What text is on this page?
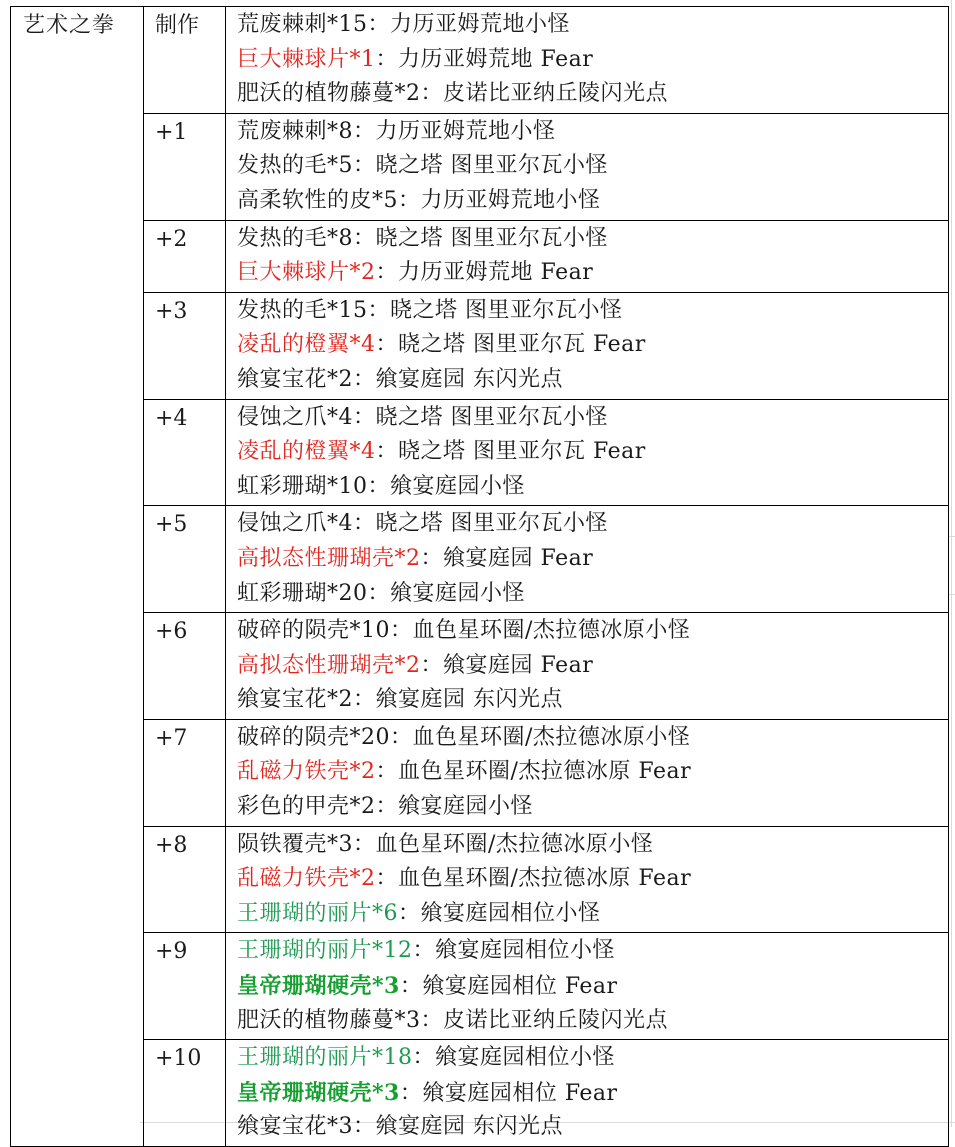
艺术之拳	制作	荒废棘刺*15：力历亚姆荒地小怪
巨大棘球片*1：力历亚姆荒地 Fear
肥沃的植物藤蔓*2：皮诺比亚纳丘陵闪光点

	+1	荒废棘刺*8：力历亚姆荒地小怪
发热的毛*5：晓之塔 图里亚尔瓦小怪
高柔软性的皮*5：力历亚姆荒地小怪

	+2	发热的毛*8：晓之塔 图里亚尔瓦小怪
巨大棘球片*2：力历亚姆荒地 Fear

	+3	发热的毛*15：晓之塔 图里亚尔瓦小怪
凌乱的橙翼*4：晓之塔 图里亚尔瓦 Fear
飨宴宝花*2：飨宴庭园 东闪光点

	+4	侵蚀之爪*4：晓之塔 图里亚尔瓦小怪
凌乱的橙翼*4：晓之塔 图里亚尔瓦 Fear
虹彩珊瑚*10：飨宴庭园小怪

	+5	侵蚀之爪*4：晓之塔 图里亚尔瓦小怪
高拟态性珊瑚壳*2：飨宴庭园 Fear
虹彩珊瑚*20：飨宴庭园小怪

	+6	破碎的陨壳*10：血色星环圈/杰拉德冰原小怪
高拟态性珊瑚壳*2：飨宴庭园 Fear
飨宴宝花*2：飨宴庭园 东闪光点

	+7	破碎的陨壳*20：血色星环圈/杰拉德冰原小怪
乱磁力铁壳*2：血色星环圈/杰拉德冰原 Fear
彩色的甲壳*2：飨宴庭园小怪

	+8	陨铁覆壳*3：血色星环圈/杰拉德冰原小怪
乱磁力铁壳*2：血色星环圈/杰拉德冰原 Fear
王珊瑚的丽片*6：飨宴庭园相位小怪

	+9	王珊瑚的丽片*12：飨宴庭园相位小怪
皇帝珊瑚硬壳*3：飨宴庭园相位 Fear
肥沃的植物藤蔓*3：皮诺比亚纳丘陵闪光点

	+10	王珊瑚的丽片*18：飨宴庭园相位小怪
皇帝珊瑚硬壳*3：飨宴庭园相位 Fear
飨宴宝花*3：飨宴庭园 东闪光点
